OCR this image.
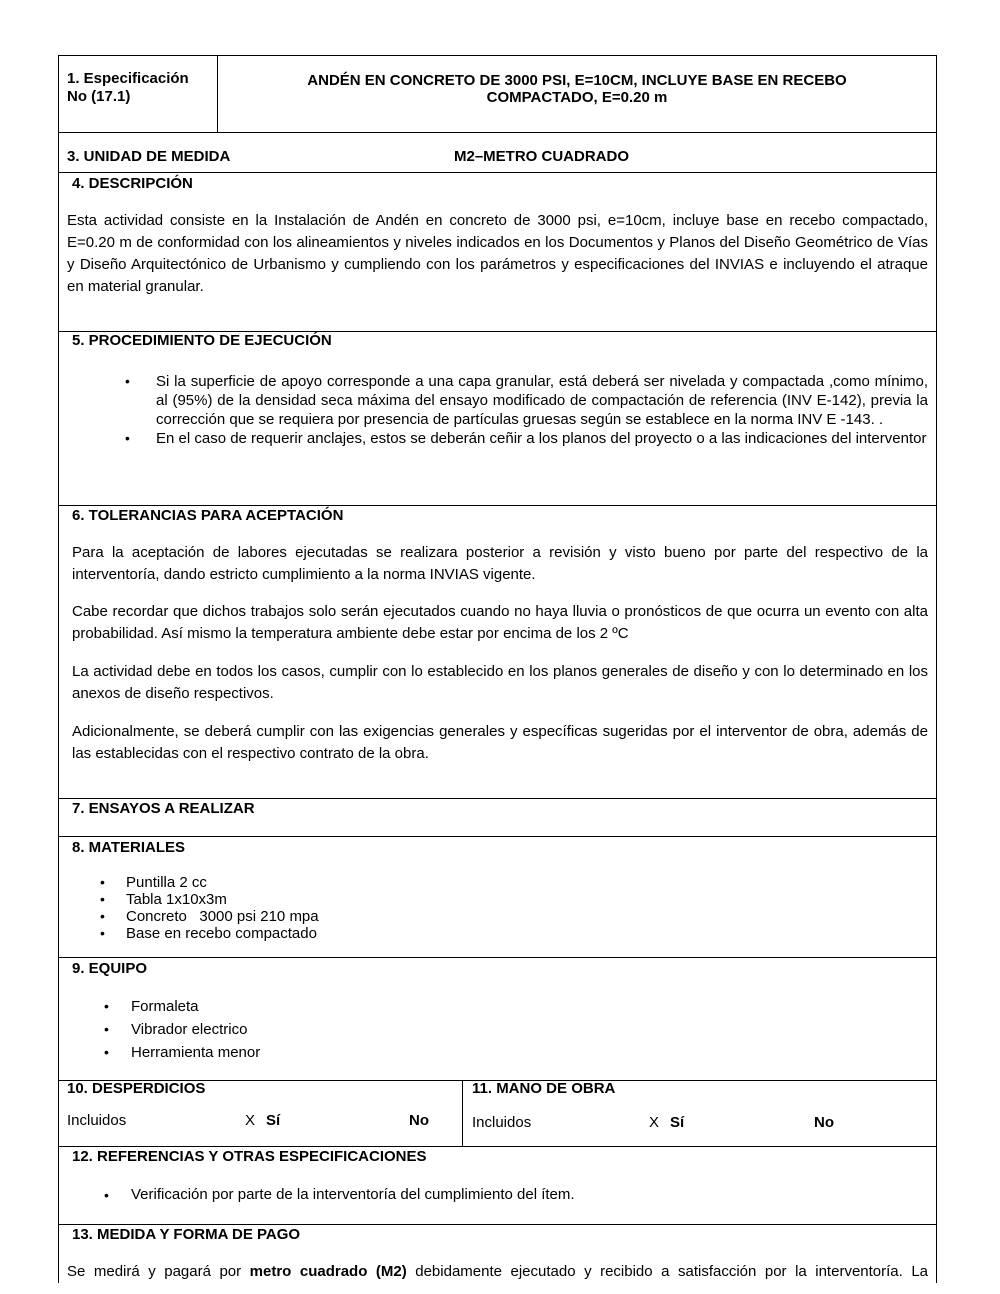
1. Especificación
No (17.1)
ANDÉN EN CONCRETO DE 3000 PSI, E=10CM, INCLUYE BASE EN RECEBO
COMPACTADO, E=0.20 m
3. UNIDAD DE MEDIDA	M2–METRO CUADRADO
4. DESCRIPCIÓN
Esta actividad consiste en la Instalación de Andén en concreto de 3000 psi, e=10cm, incluye base en recebo compactado, E=0.20 m de conformidad con los alineamientos y niveles indicados en los Documentos y Planos del Diseño Geométrico de Vías y Diseño Arquitectónico de Urbanismo y cumpliendo con los parámetros y especificaciones del INVIAS e incluyendo el atraque en material granular.
5. PROCEDIMIENTO DE EJECUCIÓN
• Si la superficie de apoyo corresponde a una capa granular, está deberá ser nivelada y compactada ,como mínimo, al (95%) de la densidad seca máxima del ensayo modificado de compactación de referencia (INV E-142), previa la corrección que se requiera por presencia de partículas gruesas según se establece en la norma INV E -143. .
• En el caso de requerir anclajes, estos se deberán ceñir a los planos del proyecto o a las indicaciones del interventor
6. TOLERANCIAS PARA ACEPTACIÓN
Para la aceptación de labores ejecutadas se realizara posterior a revisión y visto bueno por parte del respectivo de la interventoría, dando estricto cumplimiento a la norma INVIAS vigente.
Cabe recordar que dichos trabajos solo serán ejecutados cuando no haya lluvia o pronósticos de que ocurra un evento con alta probabilidad. Así mismo la temperatura ambiente debe estar por encima de los 2 ºC
La actividad debe en todos los casos, cumplir con lo establecido en los planos generales de diseño y con lo determinado en los anexos de diseño respectivos.
Adicionalmente, se deberá cumplir con las exigencias generales y específicas sugeridas por el interventor de obra, además de las establecidas con el respectivo contrato de la obra.
7. ENSAYOS A REALIZAR
8. MATERIALES
• Puntilla 2 cc
• Tabla 1x10x3m
• Concreto   3000 psi 210 mpa
• Base en recebo compactado
9. EQUIPO
• Formaleta
• Vibrador electrico
• Herramienta menor
10. DESPERDICIOS
Incluidos	X Sí	No
11. MANO DE OBRA
Incluidos	X Sí	No
12. REFERENCIAS Y OTRAS ESPECIFICACIONES
• Verificación por parte de la interventoría del cumplimiento del ítem.
13. MEDIDA Y FORMA DE PAGO
Se medirá y pagará por metro cuadrado (M2) debidamente ejecutado y recibido a satisfacción por la interventoría. La
